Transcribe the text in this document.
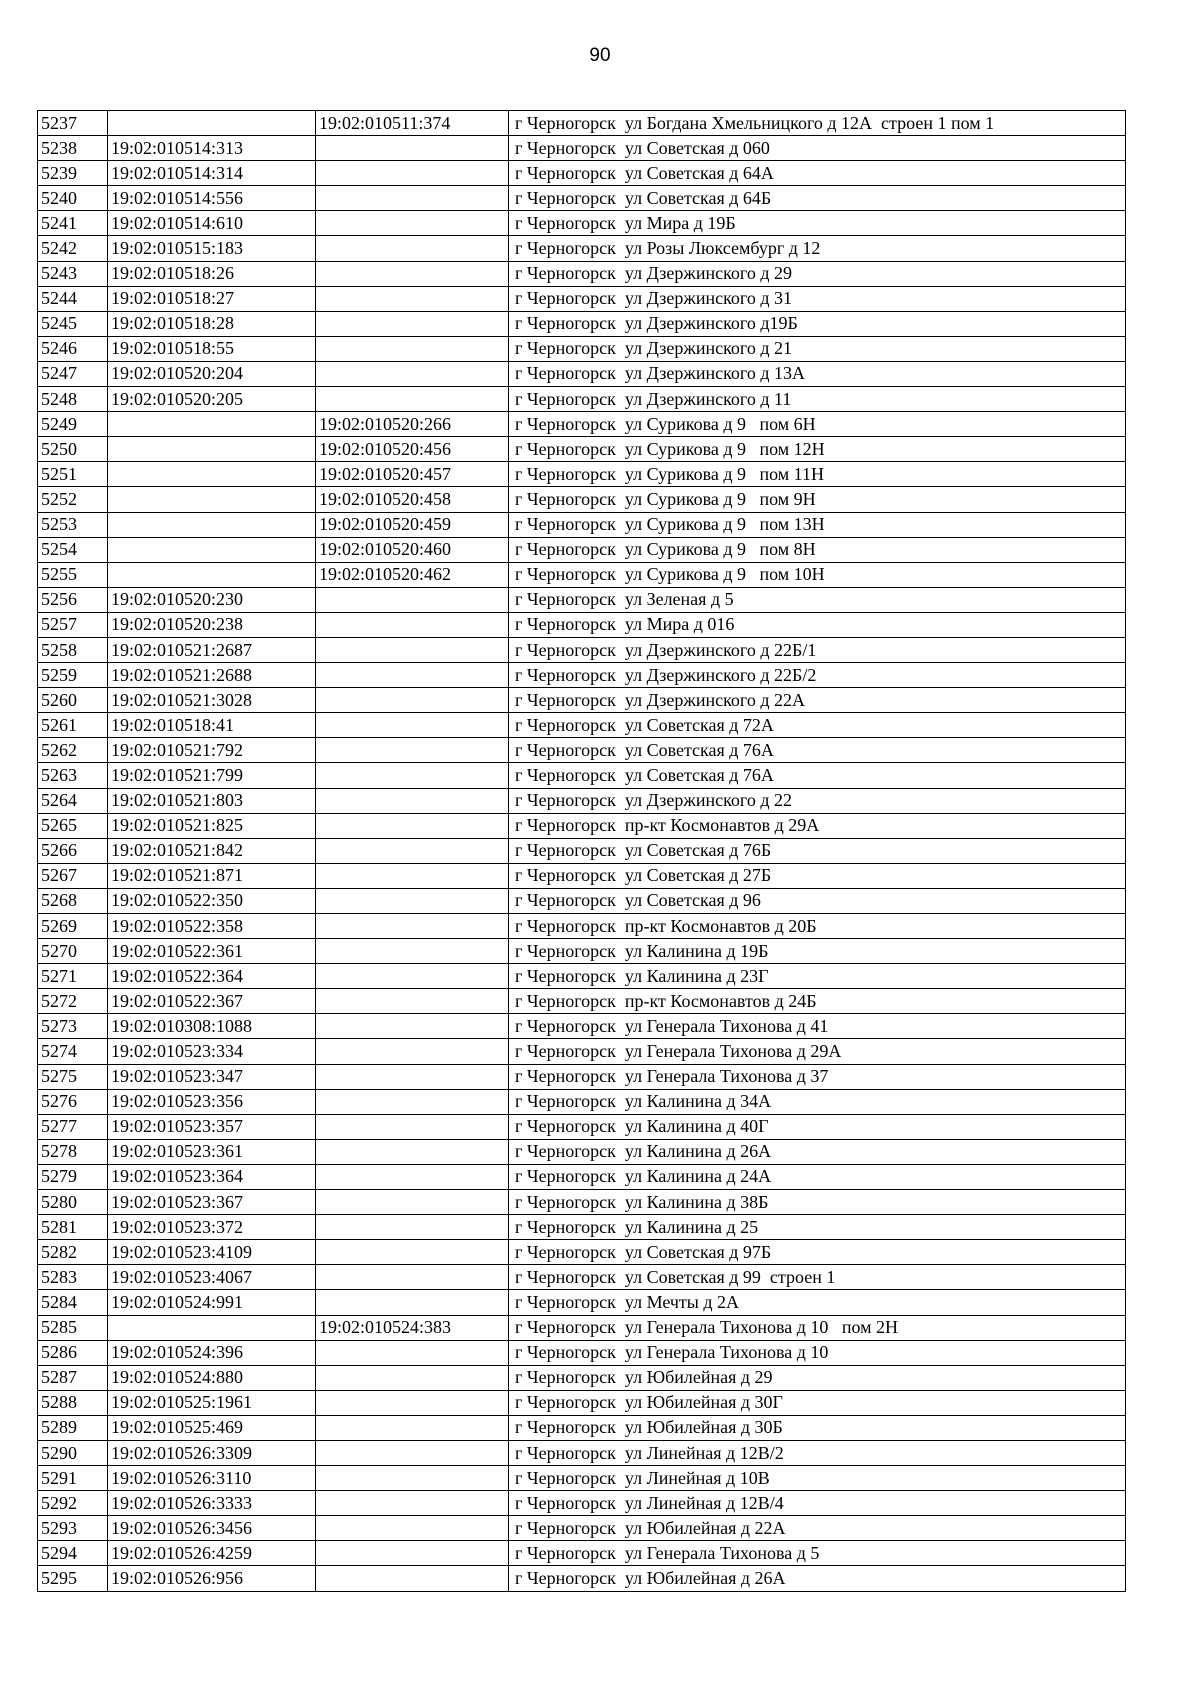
90
5237		19:02:010511:374	г Черногорск  ул Богдана Хмельницкого д 12А  строен 1 пом 1
5238	19:02:010514:313		г Черногорск  ул Советская д 060
5239	19:02:010514:314		г Черногорск  ул Советская д 64А
5240	19:02:010514:556		г Черногорск  ул Советская д 64Б
5241	19:02:010514:610		г Черногорск  ул Мира д 19Б
5242	19:02:010515:183		г Черногорск  ул Розы Люксембург д 12
5243	19:02:010518:26		г Черногорск  ул Дзержинского д 29
5244	19:02:010518:27		г Черногорск  ул Дзержинского д 31
5245	19:02:010518:28		г Черногорск  ул Дзержинского д19Б
5246	19:02:010518:55		г Черногорск  ул Дзержинского д 21
5247	19:02:010520:204		г Черногорск  ул Дзержинского д 13А
5248	19:02:010520:205		г Черногорск  ул Дзержинского д 11
5249		19:02:010520:266	г Черногорск  ул Сурикова д 9   пом 6Н
5250		19:02:010520:456	г Черногорск  ул Сурикова д 9   пом 12Н
5251		19:02:010520:457	г Черногорск  ул Сурикова д 9   пом 11Н
5252		19:02:010520:458	г Черногорск  ул Сурикова д 9   пом 9Н
5253		19:02:010520:459	г Черногорск  ул Сурикова д 9   пом 13Н
5254		19:02:010520:460	г Черногорск  ул Сурикова д 9   пом 8Н
5255		19:02:010520:462	г Черногорск  ул Сурикова д 9   пом 10Н
5256	19:02:010520:230		г Черногорск  ул Зеленая д 5
5257	19:02:010520:238		г Черногорск  ул Мира д 016
5258	19:02:010521:2687		г Черногорск  ул Дзержинского д 22Б/1
5259	19:02:010521:2688		г Черногорск  ул Дзержинского д 22Б/2
5260	19:02:010521:3028		г Черногорск  ул Дзержинского д 22А
5261	19:02:010518:41		г Черногорск  ул Советская д 72А
5262	19:02:010521:792		г Черногорск  ул Советская д 76А
5263	19:02:010521:799		г Черногорск  ул Советская д 76А
5264	19:02:010521:803		г Черногорск  ул Дзержинского д 22
5265	19:02:010521:825		г Черногорск  пр-кт Космонавтов д 29А
5266	19:02:010521:842		г Черногорск  ул Советская д 76Б
5267	19:02:010521:871		г Черногорск  ул Советская д 27Б
5268	19:02:010522:350		г Черногорск  ул Советская д 96
5269	19:02:010522:358		г Черногорск  пр-кт Космонавтов д 20Б
5270	19:02:010522:361		г Черногорск  ул Калинина д 19Б
5271	19:02:010522:364		г Черногорск  ул Калинина д 23Г
5272	19:02:010522:367		г Черногорск  пр-кт Космонавтов д 24Б
5273	19:02:010308:1088		г Черногорск  ул Генерала Тихонова д 41
5274	19:02:010523:334		г Черногорск  ул Генерала Тихонова д 29А
5275	19:02:010523:347		г Черногорск  ул Генерала Тихонова д 37
5276	19:02:010523:356		г Черногорск  ул Калинина д 34А
5277	19:02:010523:357		г Черногорск  ул Калинина д 40Г
5278	19:02:010523:361		г Черногорск  ул Калинина д 26А
5279	19:02:010523:364		г Черногорск  ул Калинина д 24А
5280	19:02:010523:367		г Черногорск  ул Калинина д 38Б
5281	19:02:010523:372		г Черногорск  ул Калинина д 25
5282	19:02:010523:4109		г Черногорск  ул Советская д 97Б
5283	19:02:010523:4067		г Черногорск  ул Советская д 99  строен 1
5284	19:02:010524:991		г Черногорск  ул Мечты д 2А
5285		19:02:010524:383	г Черногорск  ул Генерала Тихонова д 10   пом 2Н
5286	19:02:010524:396		г Черногорск  ул Генерала Тихонова д 10
5287	19:02:010524:880		г Черногорск  ул Юбилейная д 29
5288	19:02:010525:1961		г Черногорск  ул Юбилейная д 30Г
5289	19:02:010525:469		г Черногорск  ул Юбилейная д 30Б
5290	19:02:010526:3309		г Черногорск  ул Линейная д 12В/2
5291	19:02:010526:3110		г Черногорск  ул Линейная д 10В
5292	19:02:010526:3333		г Черногорск  ул Линейная д 12В/4
5293	19:02:010526:3456		г Черногорск  ул Юбилейная д 22А
5294	19:02:010526:4259		г Черногорск  ул Генерала Тихонова д 5
5295	19:02:010526:956		г Черногорск  ул Юбилейная д 26А
